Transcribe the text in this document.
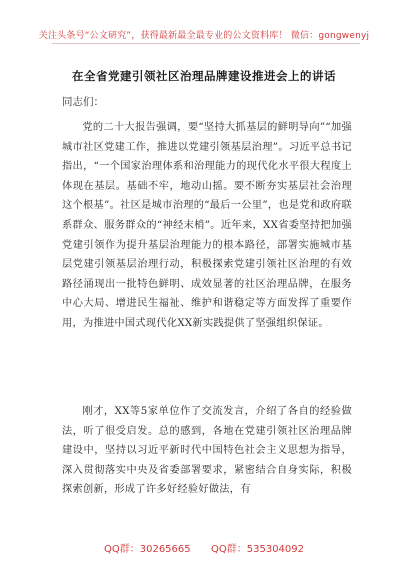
关注头条号“公文研究”，获得最新最全最专业的公文资料库！ 微信：gongwenyj
在全省党建引领社区治理品牌建设推进会上的讲话
同志们：
党的二十大报告强调，要“坚持大抓基层的鲜明导向”“加强城市社区党建工作，推进以党建引领基层治理”。习近平总书记指出，“一个国家治理体系和治理能力的现代化水平很大程度上体现在基层。基础不牢，地动山摇。要不断夯实基层社会治理这个根基”。社区是城市治理的“最后一公里”，也是党和政府联系群众、服务群众的“神经末梢”。近年来，XX省委坚持把加强党建引领作为提升基层治理能力的根本路径，部署实施城市基层党建引领基层治理行动，积极探索党建引领社区治理的有效路径涌现出一批特色鲜明、成效显著的社区治理品牌，在服务中心大局、增进民生福祉、维护和谐稳定等方面发挥了重要作用，为推进中国式现代化XX新实践提供了坚强组织保证。
刚才，XX等5家单位作了交流发言，介绍了各自的经验做法，听了很受启发。总的感到，各地在党建引领社区治理品牌建设中，坚持以习近平新时代中国特色社会主义思想为指导，深入贯彻落实中央及省委部署要求，紧密结合自身实际，积极探索创新，形成了许多好经验好做法，有
QQ群：30265665 QQ群：535304092
